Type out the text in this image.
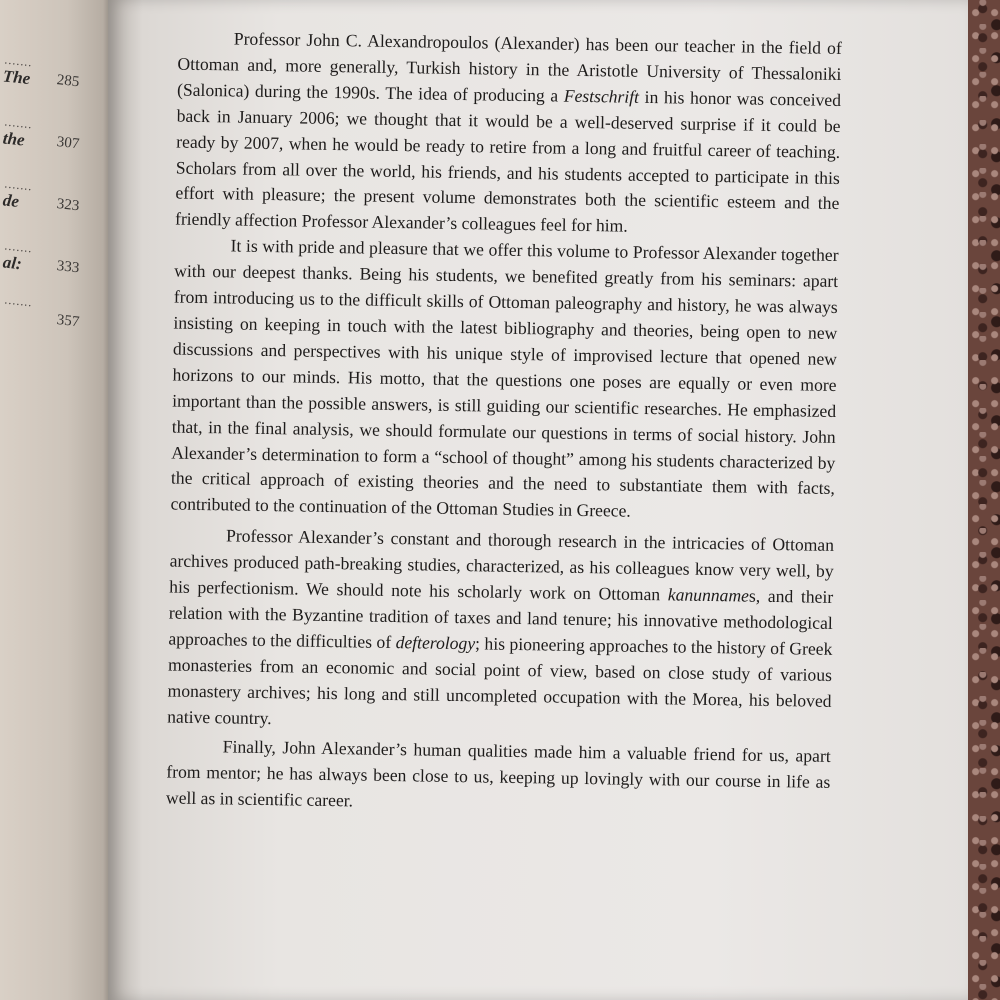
.......
The 285
.......
the 307
.......
de 323
.......
al: 333
.......
357

Professor John C. Alexandropoulos (Alexander) has been our teacher in the field of Ottoman and, more generally, Turkish history in the Aristotle University of Thessaloniki (Salonica) during the 1990s. The idea of producing a Festschrift in his honor was conceived back in January 2006; we thought that it would be a well-deserved surprise if it could be ready by 2007, when he would be ready to retire from a long and fruitful career of teaching. Scholars from all over the world, his friends, and his students accepted to participate in this effort with pleasure; the present volume demonstrates both the scientific esteem and the friendly affection Professor Alexander’s colleagues feel for him.

It is with pride and pleasure that we offer this volume to Professor Alexander together with our deepest thanks. Being his students, we benefited greatly from his seminars: apart from introducing us to the difficult skills of Ottoman paleography and history, he was always insisting on keeping in touch with the latest bibliography and theories, being open to new discussions and perspectives with his unique style of improvised lecture that opened new horizons to our minds. His motto, that the questions one poses are equally or even more important than the possible answers, is still guiding our scientific researches. He emphasized that, in the final analysis, we should formulate our questions in terms of social history. John Alexander’s determination to form a “school of thought” among his students characterized by the critical approach of existing theories and the need to substantiate them with facts, contributed to the continuation of the Ottoman Studies in Greece.

Professor Alexander’s constant and thorough research in the intricacies of Ottoman archives produced path-breaking studies, characterized, as his colleagues know very well, by his perfectionism. We should note his scholarly work on Ottoman kanunnames, and their relation with the Byzantine tradition of taxes and land tenure; his innovative methodological approaches to the difficulties of defterology; his pioneering approaches to the history of Greek monasteries from an economic and social point of view, based on close study of various monastery archives; his long and still uncompleted occupation with the Morea, his beloved native country.

Finally, John Alexander’s human qualities made him a valuable friend for us, apart from mentor; he has always been close to us, keeping up lovingly with our course in life as well as in scientific career.
